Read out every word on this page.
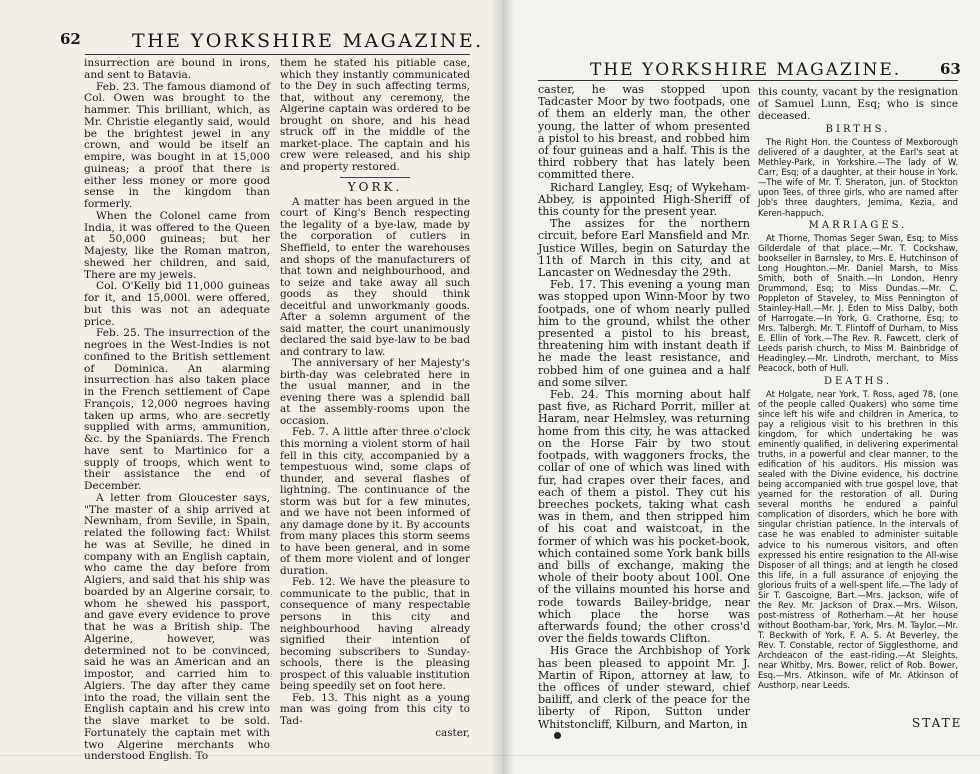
62	THE YORKSHIRE MAGAZINE.

insurrection are bound in irons, and sent to Batavia.

Feb. 23. The famous diamond of Col. Owen was brought to the hammer. This brilliant, which, as Mr. Christie elegantly said, would be the brightest jewel in any crown, and would be itself an empire, was bought in at 15,000 guineas; a proof that there is either less money or more good sense in the kingdom than formerly.

When the Colonel came from India, it was offered to the Queen at 50,000 guineas; but her Majesty, like the Roman matron, shewed her children, and said, There are my jewels.

Col. O'Kelly bid 11,000 guineas for it, and 15,000l. were offered, but this was not an adequate price.

Feb. 25. The insurrection of the negroes in the West-Indies is not confined to the British settlement of Dominica. An alarming insurrection has also taken place in the French settlement of Cape François, 12,000 negroes having taken up arms, who are secretly supplied with arms, ammunition, &c. by the Spaniards. The French have sent to Martinico for a supply of troops, which went to their assistance the end of December.

A letter from Gloucester says, "The master of a ship arrived at Newnham, from Seville, in Spain, related the following fact: Whilst he was at Seville, he dined in company with an English captain, who came the day before from Algiers, and said that his ship was boarded by an Algerine corsair, to whom he shewed his passport, and gave every evidence to prove that he was a British ship. The Algerine, however, was determined not to be convinced, said he was an American and an impostor, and carried him to Algiers. The day after they came into the road, the villain sent the English captain and his crew into the slave market to be sold. Fortunately the captain met with two Algerine merchants who understood English. To

them he stated his pitiable case, which they instantly communicated to the Dey in such affecting terms, that, without any ceremony, the Algerine captain was ordered to be brought on shore, and his head struck off in the middle of the market-place. The captain and his crew were released, and his ship and property restored.

YORK.

A matter has been argued in the court of King's Bench respecting the legality of a bye-law, made by the corporation of cutlers in Sheffield, to enter the warehouses and shops of the manufacturers of that town and neighbourhood, and to seize and take away all such goods as they should think deceitful and unworkmanly goods. After a solemn argument of the said matter, the court unanimously declared the said bye-law to be bad and contrary to law.

The anniversary of her Majesty's birth-day was celebrated here in the usual manner, and in the evening there was a splendid ball at the assembly-rooms upon the occasion.

Feb. 7. A little after three o'clock this morning a violent storm of hail fell in this city, accompanied by a tempestuous wind, some claps of thunder, and several flashes of lightning. The continuance of the storm was but for a few minutes, and we have not been informed of any damage done by it. By accounts from many places this storm seems to have been general, and in some of them more violent and of longer duration.

Feb. 12. We have the pleasure to communicate to the public, that in consequence of many respectable persons in this city and neighbourhood having already signified their intention of becoming subscribers to Sunday-schools, there is the pleasing prospect of this valuable institution being speedily set on foot here.

Feb. 13. This night as a young man was going from this city to Tad-

caster,
THE YORKSHIRE MAGAZINE.	63

caster, he was stopped upon Tadcaster Moor by two footpads, one of them an elderly man, the other young, the latter of whom presented a pistol to his breast, and robbed him of four guineas and a half. This is the third robbery that has lately been committed there.

Richard Langley, Esq; of Wykeham-Abbey, is appointed High-Sheriff of this county for the present year.

The assizes for the northern circuit, before Earl Mansfield and Mr. Justice Willes, begin on Saturday the 11th of March in this city, and at Lancaster on Wednesday the 29th.

Feb. 17. This evening a young man was stopped upon Winn-Moor by two footpads, one of whom nearly pulled him to the ground, whilst the other presented a pistol to his breast, threatening him with instant death if he made the least resistance, and robbed him of one guinea and a half and some silver.

Feb. 24. This morning about half past five, as Richard Porrit, miller at Haram, near Helmsley, was returning home from this city, he was attacked on the Horse Fair by two stout footpads, with waggoners frocks, the collar of one of which was lined with fur, had crapes over their faces, and each of them a pistol. They cut his breeches pockets, taking what cash was in them, and then stripped him of his coat and waistcoat, in the former of which was his pocket-book, which contained some York bank bills and bills of exchange, making the whole of their booty about 100l. One of the villains mounted his horse and rode towards Bailey-bridge, near which place the horse was afterwards found; the other cross'd over the fields towards Clifton.

His Grace the Archbishop of York has been pleased to appoint Mr. J. Martin of Ripon, attorney at law, to the offices of under steward, chief bailiff, and clerk of the peace for the liberty of Ripon, Sutton under Whitstoncliff, Kilburn, and Marton, in

this county, vacant by the resignation of Samuel Lunn, Esq; who is since deceased.

BIRTHS.

The Right Hon. the Countess of Mexborough delivered of a daughter, at the Earl's seat at Methley-Park, in Yorkshire.—The lady of W. Carr, Esq; of a daughter, at their house in York.—The wife of Mr. T. Sheraton, jun. of Stockton upon Tees, of three girls, who are named after Job's three daughters, Jemima, Kezia, and Keren-happuch.

MARRIAGES.

At Thorne, Thomas Seger Swan, Esq; to Miss Gilderdale of that place.—Mr. T. Cockshaw, bookseller in Barnsley, to Mrs. E. Hutchinson of Long Houghton.—Mr. Daniel Marsh, to Miss Smith, both of Snaith.—In London, Henry Drummond, Esq; to Miss Dundas.—Mr. C. Poppleton of Staveley, to Miss Pennington of Stainley-Hall.—Mr. J. Eden to Miss Dalby, both of Harrogate.—In York, G. Crathorne, Esq; to Mrs. Talbergh. Mr. T. Flintoff of Durham, to Miss E. Ellin of York.—The Rev. R. Fawcett, clerk of Leeds parish church, to Miss M. Bainbridge of Headingley.—Mr. Lindroth, merchant, to Miss Peacock, both of Hull.

DEATHS.

At Holgate, near York, T. Ross, aged 78, (one of the people called Quakers) who some time since left his wife and children in America, to pay a religious visit to his brethren in this kingdom, for which undertaking he was eminently qualified, in delivering experimental truths, in a powerful and clear manner, to the edification of his auditors. His mission was sealed with the Divine evidence, his doctrine being accompanied with true gospel love, that yearned for the restoration of all. During several months he endured a painful complication of disorders, which he bore with singular christian patience. In the intervals of case he was enabled to administer suitable advice to his numerous visitors, and often expressed his entire resignation to the All-wise Disposer of all things; and at length he closed this life, in a full assurance of enjoying the glorious fruits of a well-spent life.—The lady of Sir T. Gascoigne, Bart.—Mrs. Jackson, wife of the Rev. Mr. Jackson of Drax.—Mrs. Wilson, post-mistress of Rotherham.—At her house without Bootham-bar, York, Mrs. M. Taylor.—Mr. T. Beckwith of York, F. A. S. At Beverley, the Rev. T. Constable, rector of Sigglesthorne, and Archdeacon of the east-riding.—At Sleights, near Whitby, Mrs. Bower, relict of Rob. Bower, Esq.—Mrs. Atkinson, wife of Mr. Atkinson of Austhorp, near Leeds.

STATE
